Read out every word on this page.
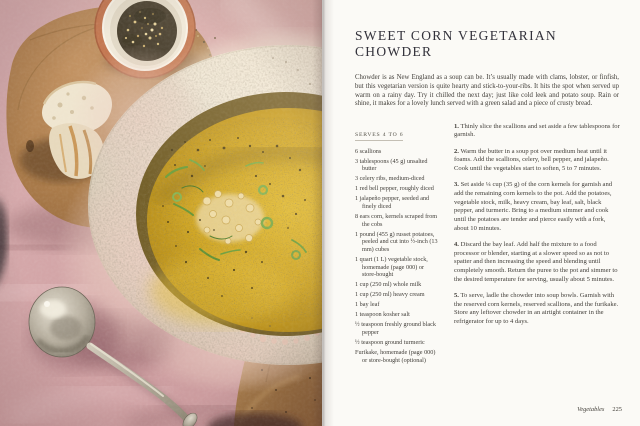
SWEET CORN VEGETARIAN CHOWDER

Chowder is as New England as a soup can be. It’s usually made with clams, lobster, or finfish, but this vegetarian version is quite hearty and stick-to-your-ribs. It hits the spot when served up warm on a rainy day. Try it chilled the next day; just like cold leek and potato soup. Rain or shine, it makes for a lovely lunch served with a green salad and a piece of crusty bread.

SERVES 4 TO 6
6 scallions
3 tablespoons (45 g) unsalted butter
3 celery ribs, medium-diced
1 red bell pepper, roughly diced
1 jalapeño pepper, seeded and finely diced
8 ears corn, kernels scraped from the cobs
1 pound (455 g) russet potatoes, peeled and cut into ½-inch (13 mm) cubes
1 quart (1 L) vegetable stock, homemade (page 000) or store-bought
1 cup (250 ml) whole milk
1 cup (250 ml) heavy cream
1 bay leaf
1 teaspoon kosher salt
½ teaspoon freshly ground black pepper
½ teaspoon ground turmeric
Furikake, homemade (page 000) or store-bought (optional)

1. Thinly slice the scallions and set aside a few tablespoons for garnish.

2. Warm the butter in a soup pot over medium heat until it foams. Add the scallions, celery, bell pepper, and jalapeño. Cook until the vegetables start to soften, 5 to 7 minutes.

3. Set aside ¼ cup (35 g) of the corn kernels for garnish and add the remaining corn kernels to the pot. Add the potatoes, vegetable stock, milk, heavy cream, bay leaf, salt, black pepper, and turmeric. Bring to a medium simmer and cook until the potatoes are tender and pierce easily with a fork, about 10 minutes.

4. Discard the bay leaf. Add half the mixture to a food processor or blender, starting at a slower speed so as not to spatter and then increasing the speed and blending until completely smooth. Return the puree to the pot and simmer to the desired temperature for serving, usually about 5 minutes.

5. To serve, ladle the chowder into soup bowls. Garnish with the reserved corn kernels, reserved scallions, and the furikake. Store any leftover chowder in an airtight container in the refrigerator for up to 4 days.

Vegetables 225
